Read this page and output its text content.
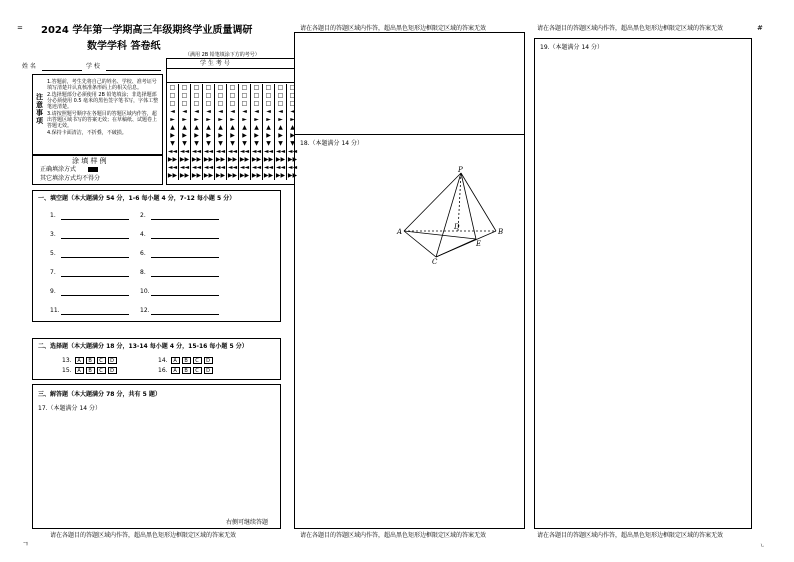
=	#
ㄱ	ㄴ
2024 学年第一学期高三年级期终学业质量调研
数学学科 答卷纸
（满用 2B 铅笔填涂下方的考号）
姓 名	学 校
注意事项

1.答题前，考生先将自己的姓名、学校、准考证号填写清楚并认真核准条形码上的相关信息。

2.选择题部分必须使用 2B 铅笔填涂；非选择题部分必须使用 0.5 毫米的黑色签字笔书写，字体工整笔迹清楚。

3.请按照题号顺序在各题目的答题区域内作答，超出答题区域书写的答案无效；在草稿纸、试题卷上答题无效。

4.保持卡面清洁，不折叠，不破损。

涂 填 样 例
正确填涂方式
其它填涂方式均不得分
学 生 考 号
□	□	□	□	□	□	□	□	□	□	□
□	□	□	□	□	□	□	□	□	□	□
□	□	□	□	□	□	□	□	□	□	□
◄	◄	◄	◄	◄	◄	◄	◄	◄	◄	◄
►	►	►	►	►	►	►	►	►	►	►
▲	▲	▲	▲	▲	▲	▲	▲	▲	▲	▲
▶	▶	▶	▶	▶	▶	▶	▶	▶	▶	▶
▼	▼	▼	▼	▼	▼	▼	▼	▼	▼	▼
◄◄	◄◄	◄◄	◄◄	◄◄	◄◄	◄◄	◄◄	◄◄	◄◄	◄◄
▶▶	▶▶	▶▶	▶▶	▶▶	▶▶	▶▶	▶▶	▶▶	▶▶	▶▶
◄◄	◄◄	◄◄	◄◄	◄◄	◄◄	◄◄	◄◄	◄◄	◄◄	◄◄
▶▶	▶▶	▶▶	▶▶	▶▶	▶▶	▶▶	▶▶	▶▶	▶▶	▶▶
一、填空题（本大题满分 54 分，1-6 每小题 4 分，7-12 每小题 5 分）
1.	2.
3.	4.
5.	6.
7.	8.
9.	10.
11.	12.
二、选择题（本大题满分 18 分，13-14 每小题 4 分，15-16 每小题 5 分）
13. A B C D	14. A B C D
15. A B C D	16. A B C D
三、解答题（本大题满分 78 分，共有 5 题）
17.（本题满分 14 分）
右侧可继续答题
请在各题目的答题区域内作答，超出黑色矩形边框限定区域的答案无效
请在各题目的答题区域内作答，超出黑色矩形边框限定区域的答案无效
18.（本题满分 14 分）
P
A	B
C
D
E
请在各题目的答题区域内作答，超出黑色矩形边框限定区域的答案无效
请在各题目的答题区域内作答，超出黑色矩形边框限定区域的答案无效
19.（本题满分 14 分）
请在各题目的答题区域内作答，超出黑色矩形边框限定区域的答案无效
